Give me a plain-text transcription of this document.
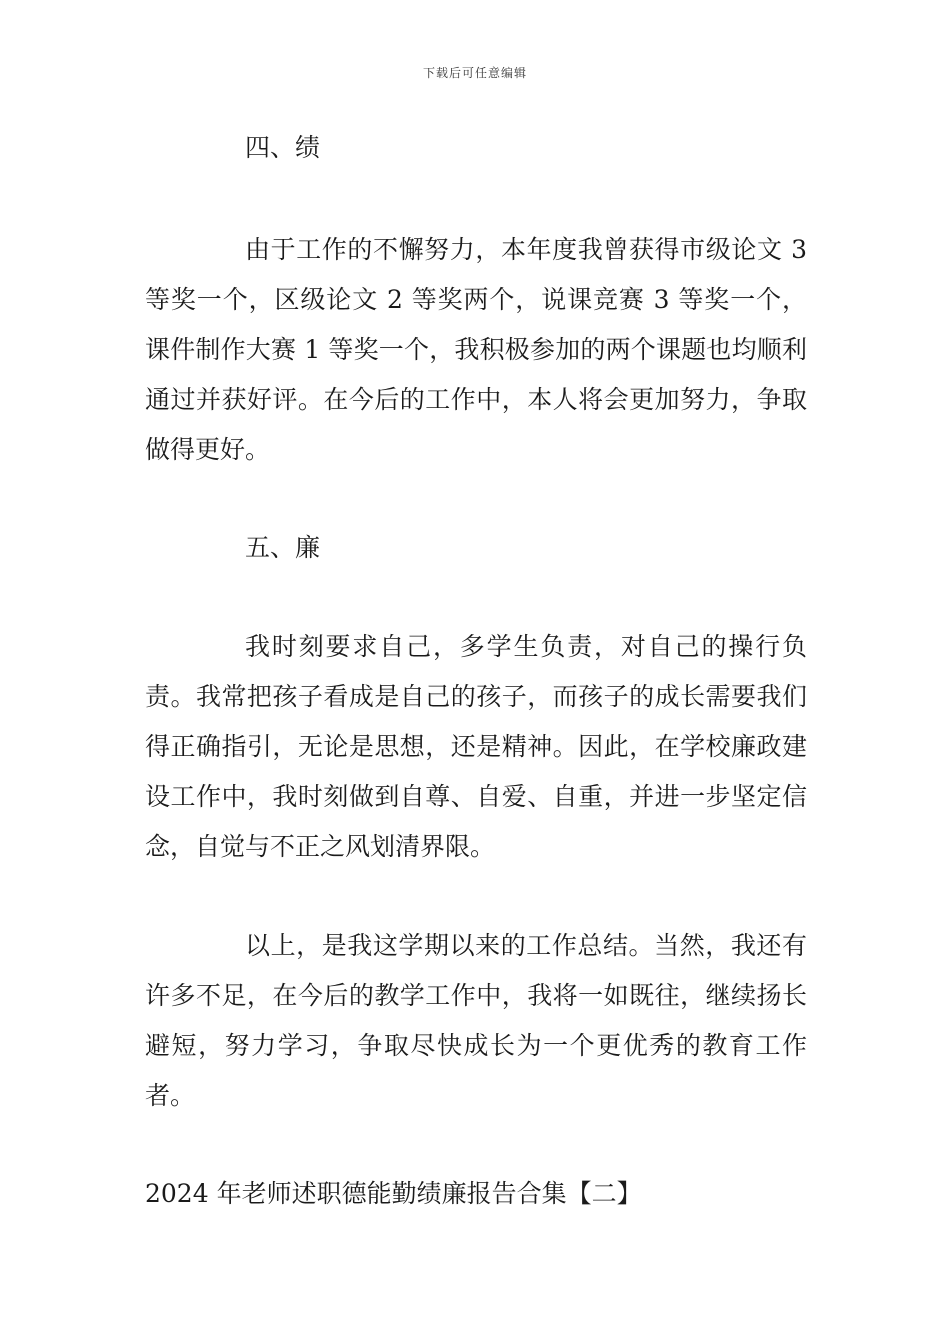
下载后可任意编辑
四、绩
由于工作的不懈努力，本年度我曾获得市级论文 3 等奖一个，区级论文 2 等奖两个，说课竞赛 3 等奖一个，课件制作大赛 1 等奖一个，我积极参加的两个课题也均顺利通过并获好评。在今后的工作中，本人将会更加努力，争取做得更好。
五、廉
我时刻要求自己，多学生负责，对自己的操行负责。我常把孩子看成是自己的孩子，而孩子的成长需要我们得正确指引，无论是思想，还是精神。因此，在学校廉政建设工作中，我时刻做到自尊、自爱、自重，并进一步坚定信念，自觉与不正之风划清界限。
以上，是我这学期以来的工作总结。当然，我还有许多不足，在今后的教学工作中，我将一如既往，继续扬长避短，努力学习，争取尽快成长为一个更优秀的教育工作者。
2024 年老师述职德能勤绩廉报告合集【二】
